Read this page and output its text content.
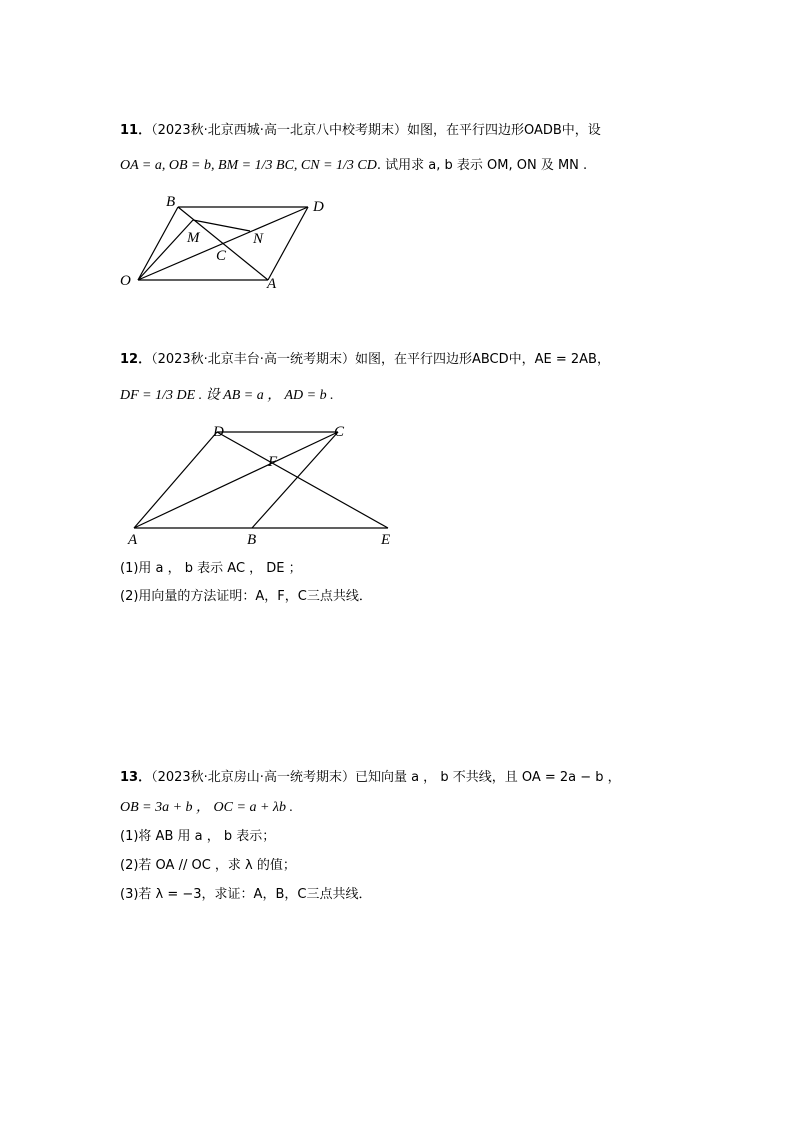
11．（2023秋·北京西城·高一北京八中校考期末）如图，在平行四边形OADB中，设
OA = a, OB = b, BM = 1/3 BC, CN = 1/3 CD. 试用求 a, b 表示 OM, ON 及 MN .
B	D
M	N
C
O	A
12．（2023秋·北京丰台·高一统考期末）如图，在平行四边形ABCD中，AE = 2AB，
DF = 1/3 DE . 设 AB = a ， AD = b .
D	C
F
A	B	E
(1)用 a ， b 表示 AC ， DE ；
(2)用向量的方法证明：A，F，C三点共线．
13．（2023秋·北京房山·高一统考期末）已知向量 a ， b 不共线，且 OA = 2a − b ，
OB = 3a + b ， OC = a + λb .
(1)将 AB 用 a ， b 表示；
(2)若 OA // OC ，求 λ 的值；
(3)若 λ = −3，求证：A，B，C三点共线．
